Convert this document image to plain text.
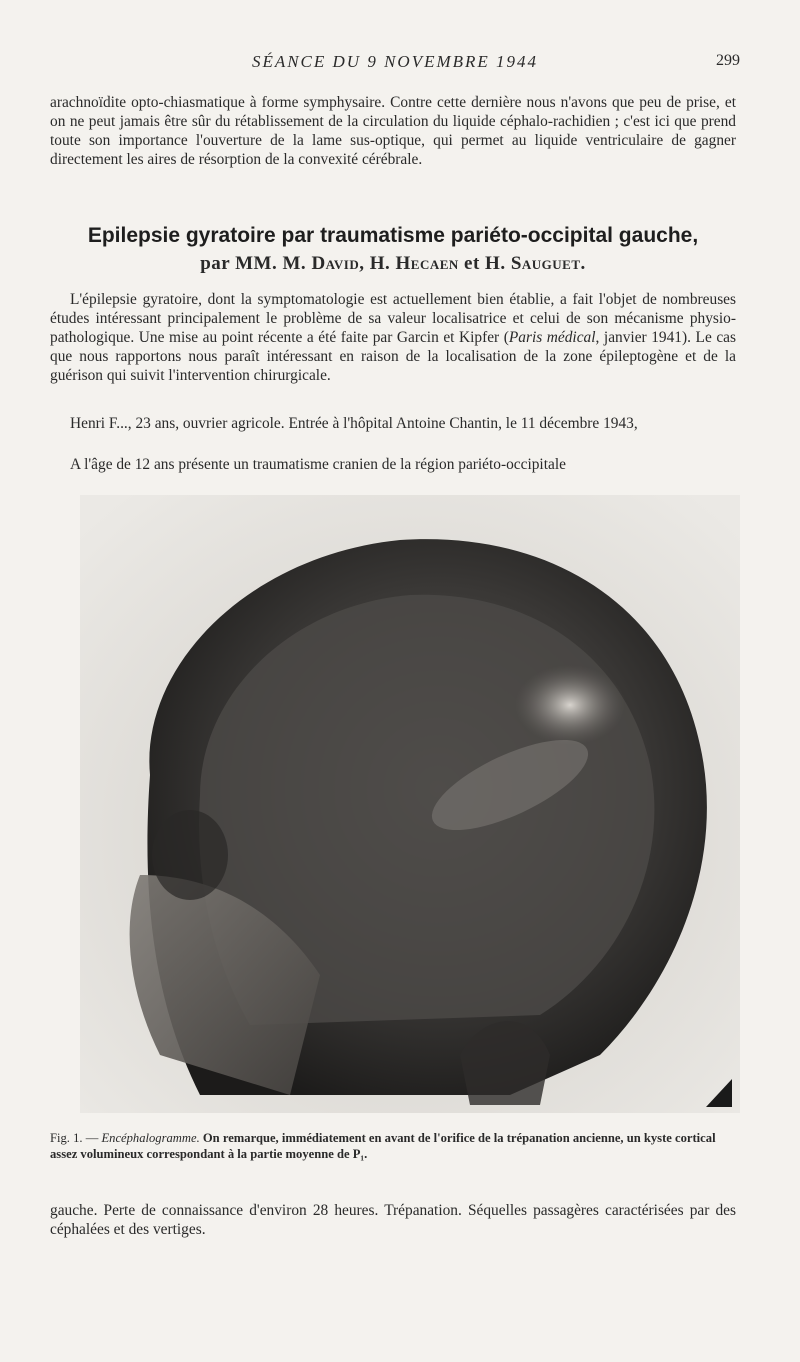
SÉANCE DU 9 NOVEMBRE 1944	299

arachnoïdite opto-chiasmatique à forme symphysaire. Contre cette dernière nous n'avons que peu de prise, et on ne peut jamais être sûr du rétablissement de la circulation du liquide céphalo-rachidien ; c'est ici que prend toute son importance l'ouverture de la lame sus-optique, qui permet au liquide ventriculaire de gagner directement les aires de résorption de la convexité cérébrale.

Epilepsie gyratoire par traumatisme pariéto-occipital gauche,
par MM. M. David, H. Hecaen et H. Sauguet.

L'épilepsie gyratoire, dont la symptomatologie est actuellement bien établie, a fait l'objet de nombreuses études intéressant principalement le problème de sa valeur localisatrice et celui de son mécanisme physio-pathologique. Une mise au point récente a été faite par Garcin et Kipfer (Paris médical, janvier 1941). Le cas que nous rapportons nous paraît intéressant en raison de la localisation de la zone épileptogène et de la guérison qui suivit l'intervention chirurgicale.

Henri F..., 23 ans, ouvrier agricole. Entrée à l'hôpital Antoine Chantin, le 11 décembre 1943,

A l'âge de 12 ans présente un traumatisme cranien de la région pariéto-occipitale

Fig. 1. — Encéphalogramme. On remarque, immédiatement en avant de l'orifice de la trépanation ancienne, un kyste cortical assez volumineux correspondant à la partie moyenne de P₁.

gauche. Perte de connaissance d'environ 28 heures. Trépanation. Séquelles passagères caractérisées par des céphalées et des vertiges.
